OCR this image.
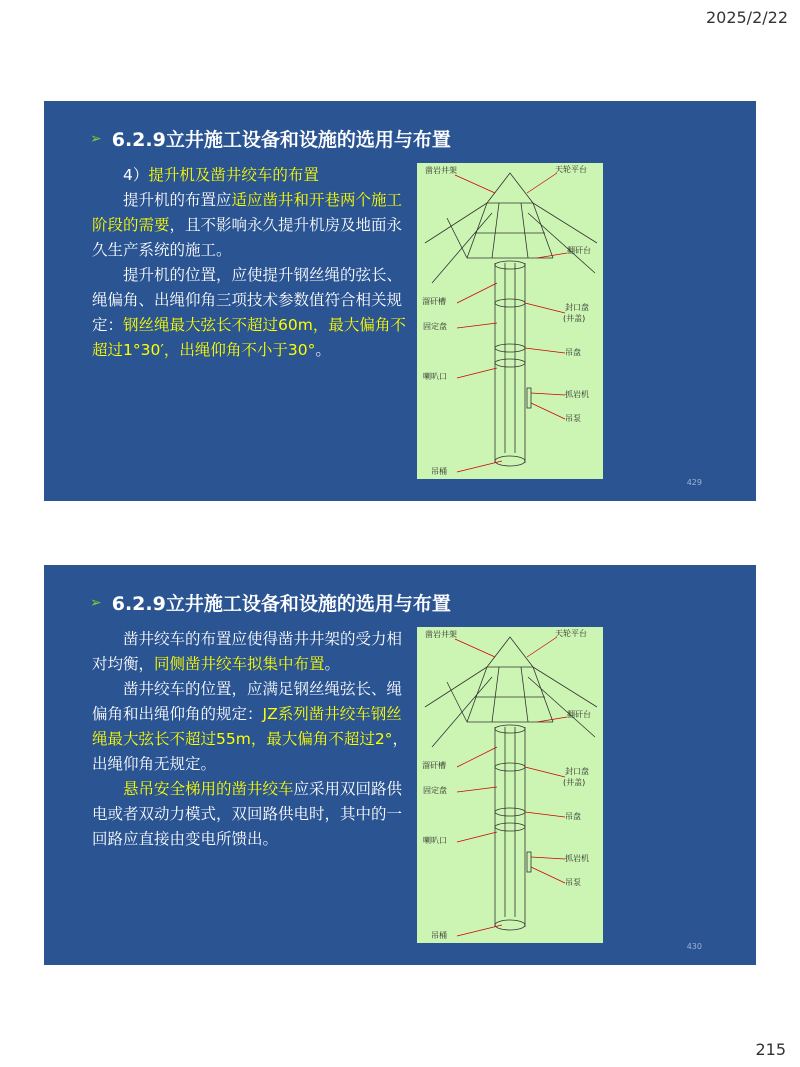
2025/2/22
➢ 6.2.9立井施工设备和设施的选用与布置

4）提升机及凿井绞车的布置

提升机的布置应适应凿井和开巷两个施工阶段的需要，且不影响永久提升机房及地面永久生产系统的施工。

提升机的位置，应使提升钢丝绳的弦长、绳偏角、出绳仰角三项技术参数值符合相关规定：钢丝绳最大弦长不超过60m，最大偏角不超过1°30′，出绳仰角不小于30°。

凿岩井架	天轮平台
翻矸台
溜矸槽
封口盘
(井盖)
固定盘
吊盘
喇叭口
抓岩机
吊泵
吊桶
429
➢ 6.2.9立井施工设备和设施的选用与布置

凿井绞车的布置应使得凿井井架的受力相对均衡，同侧凿井绞车拟集中布置。

凿井绞车的位置，应满足钢丝绳弦长、绳偏角和出绳仰角的规定：JZ系列凿井绞车钢丝绳最大弦长不超过55m，最大偏角不超过2°，出绳仰角无规定。

悬吊安全梯用的凿井绞车应采用双回路供电或者双动力模式，双回路供电时，其中的一回路应直接由变电所馈出。

凿岩井架	天轮平台
翻矸台
溜矸槽
封口盘
(井盖)
固定盘
吊盘
喇叭口
抓岩机
吊泵
吊桶
430
215
